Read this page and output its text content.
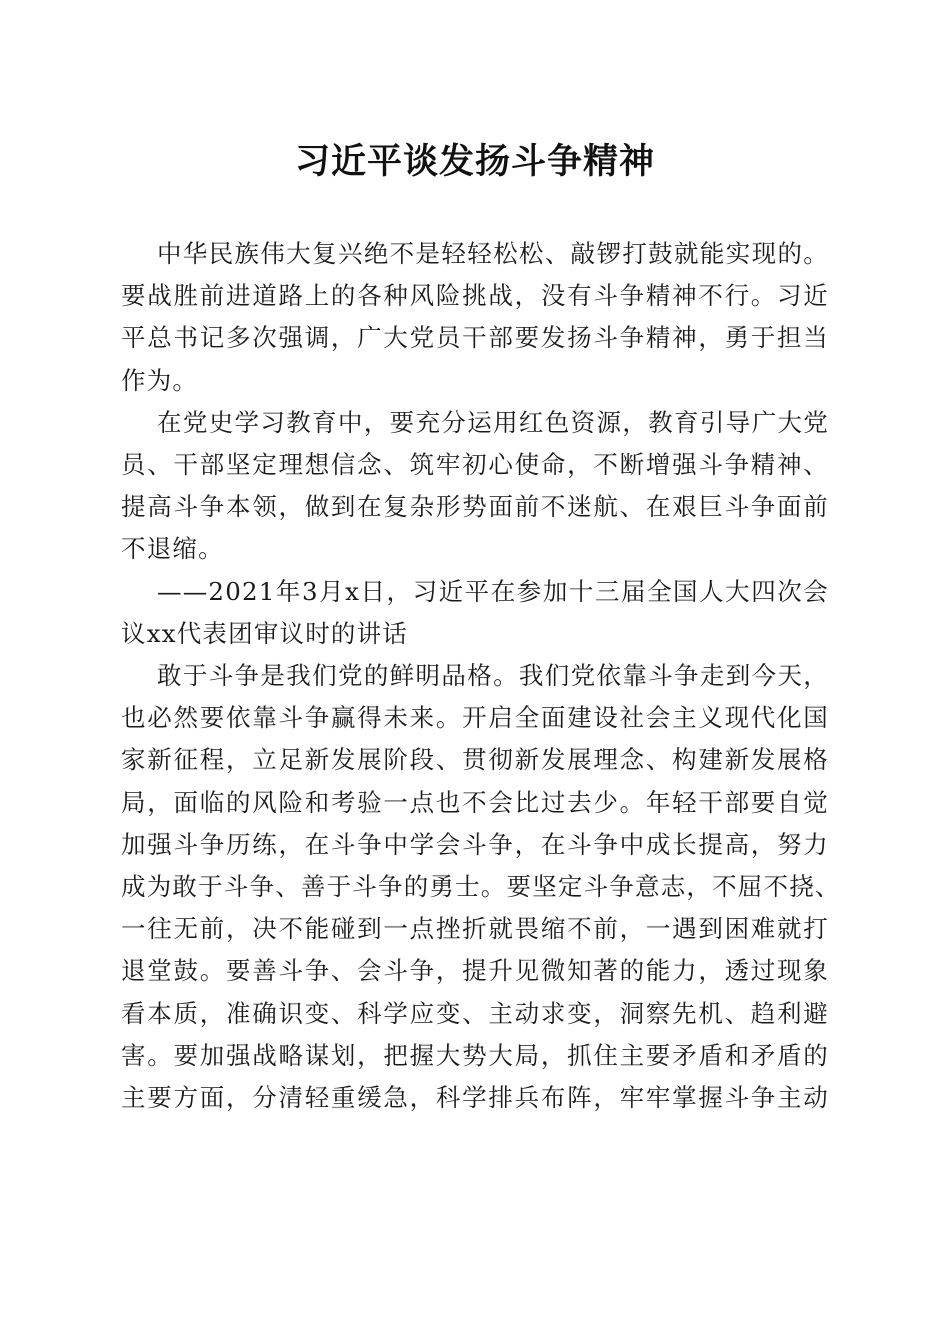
习近平谈发扬斗争精神
中华民族伟大复兴绝不是轻轻松松、敲锣打鼓就能实现的。
要战胜前进道路上的各种风险挑战，没有斗争精神不行。习近
平总书记多次强调，广大党员干部要发扬斗争精神，勇于担当
作为。
在党史学习教育中，要充分运用红色资源，教育引导广大党
员、干部坚定理想信念、筑牢初心使命，不断增强斗争精神、
提高斗争本领，做到在复杂形势面前不迷航、在艰巨斗争面前
不退缩。
——2021年3月x日，习近平在参加十三届全国人大四次会
议xx代表团审议时的讲话
敢于斗争是我们党的鲜明品格。我们党依靠斗争走到今天，
也必然要依靠斗争赢得未来。开启全面建设社会主义现代化国
家新征程，立足新发展阶段、贯彻新发展理念、构建新发展格
局，面临的风险和考验一点也不会比过去少。年轻干部要自觉
加强斗争历练，在斗争中学会斗争，在斗争中成长提高，努力
成为敢于斗争、善于斗争的勇士。要坚定斗争意志，不屈不挠、
一往无前，决不能碰到一点挫折就畏缩不前，一遇到困难就打
退堂鼓。要善斗争、会斗争，提升见微知著的能力，透过现象
看本质，准确识变、科学应变、主动求变，洞察先机、趋利避
害。要加强战略谋划，把握大势大局，抓住主要矛盾和矛盾的
主要方面，分清轻重缓急，科学排兵布阵，牢牢掌握斗争主动
